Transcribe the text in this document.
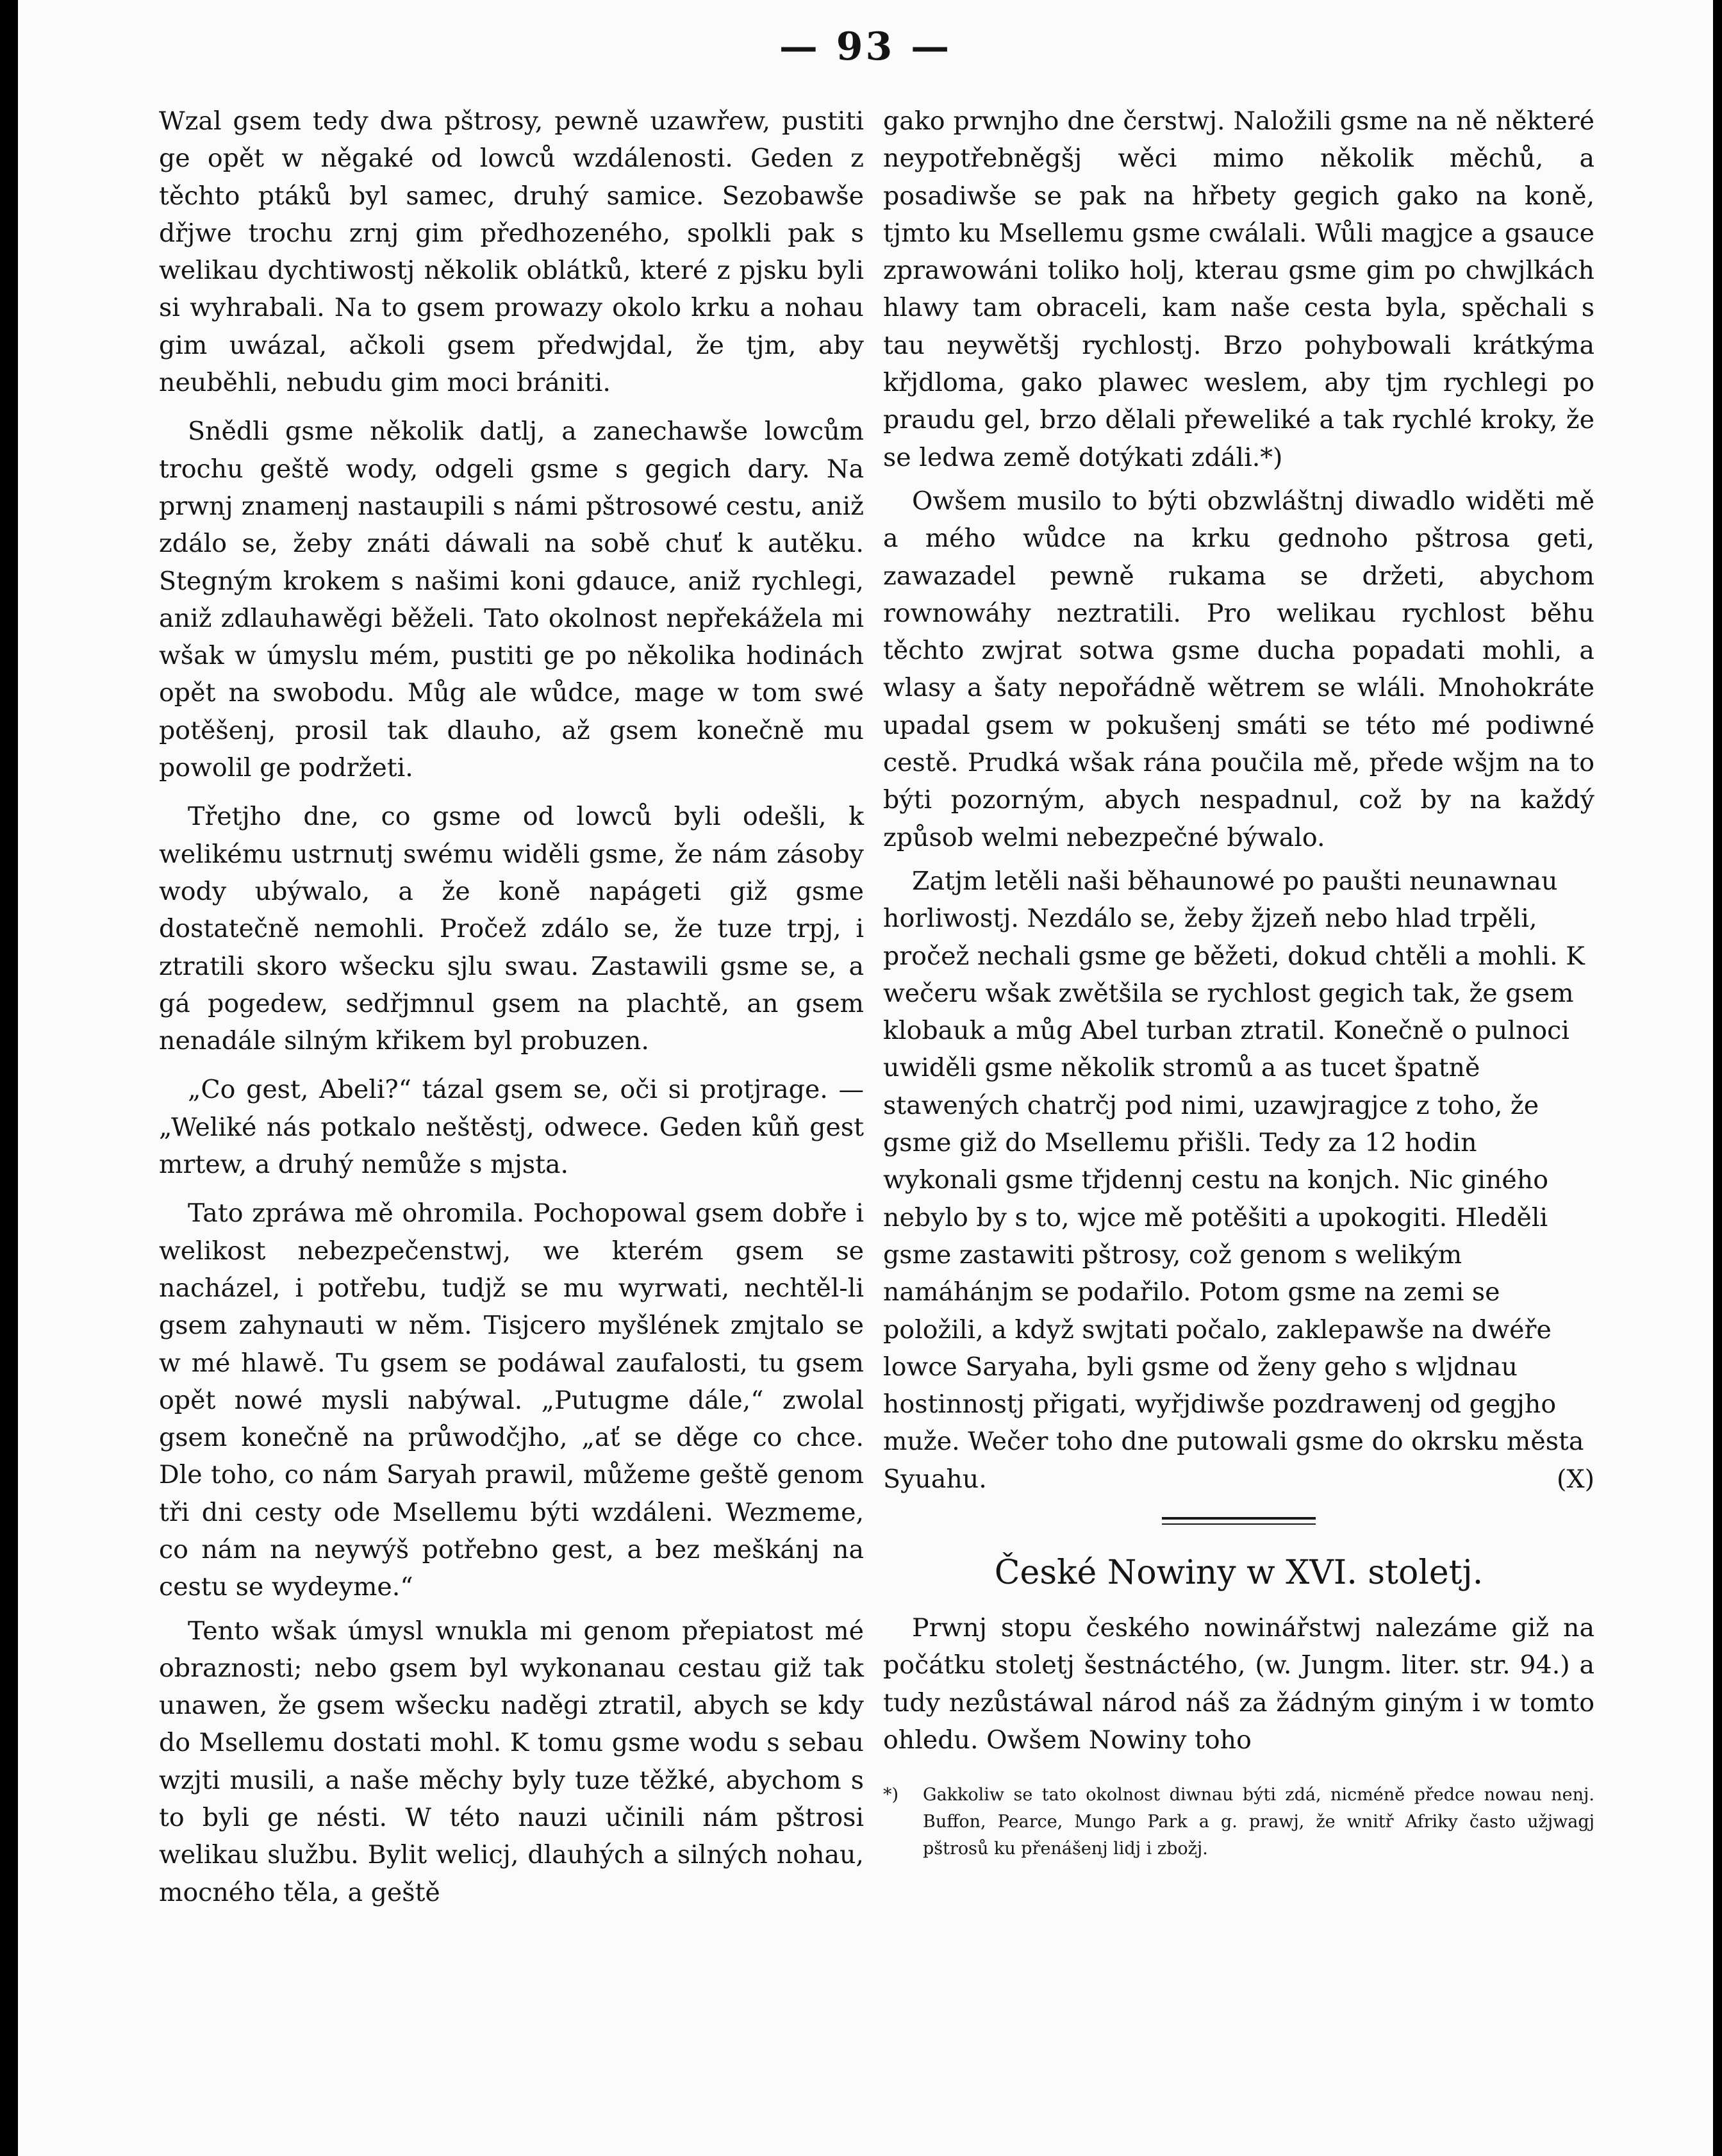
— 93 —

Wzal gsem tedy dwa pštrosy, pewně uzawřew, pustiti ge opět w něgaké od lowců wzdálenosti. Geden z těchto ptáků byl samec, druhý samice. Sezobawše dřjwe trochu zrnj gim předhozeného, spolkli pak s welikau dychtiwostj několik oblátků, které z pjsku byli si wyhrabali. Na to gsem prowazy okolo krku a nohau gim uwázal, ačkoli gsem předwjdal, že tjm, aby neuběhli, nebudu gim moci brániti.

Snědli gsme několik datlj, a zanechawše lowcům trochu geště wody, odgeli gsme s gegich dary. Na prwnj znamenj nastaupili s námi pštrosowé cestu, aniž zdálo se, žeby znáti dáwali na sobě chuť k autěku. Stegným krokem s našimi koni gdauce, aniž rychlegi, aniž zdlauhawěgi běželi. Tato okolnost nepřekážela mi wšak w úmyslu mém, pustiti ge po několika hodinách opět na swobodu. Můg ale wůdce, mage w tom swé potěšenj, prosil tak dlauho, až gsem konečně mu powolil ge podržeti.

Třetjho dne, co gsme od lowců byli odešli, k welikému ustrnutj swému widěli gsme, že nám zásoby wody ubýwalo, a že koně napágeti giž gsme dostatečně nemohli. Pročež zdálo se, že tuze trpj, i ztratili skoro wšecku sjlu swau. Zastawili gsme se, a gá pogedew, sedřjmnul gsem na plachtě, an gsem nenadále silným křikem byl probuzen.

„Co gest, Abeli?“ tázal gsem se, oči si protjrage. — „Weliké nás potkalo neštěstj, odwece. Geden kůň gest mrtew, a druhý nemůže s mjsta.

Tato zpráwa mě ohromila. Pochopowal gsem dobře i welikost nebezpečenstwj, we kterém gsem se nacházel, i potřebu, tudjž se mu wyrwati, nechtěl-li gsem zahynauti w něm. Tisjcero myšlének zmjtalo se w mé hlawě. Tu gsem se podáwal zaufalosti, tu gsem opět nowé mysli nabýwal. „Putugme dále,“ zwolal gsem konečně na průwodčjho, „ať se děge co chce. Dle toho, co nám Saryah prawil, můžeme geště genom tři dni cesty ode Msellemu býti wzdáleni. Wezmeme, co nám na neywýš potřebno gest, a bez meškánj na cestu se wydeyme.“

Tento wšak úmysl wnukla mi genom přepiatost mé obraznosti; nebo gsem byl wykonanau cestau giž tak unawen, že gsem wšecku naděgi ztratil, abych se kdy do Msellemu dostati mohl. K tomu gsme wodu s sebau wzjti musili, a naše měchy byly tuze těžké, abychom s to byli ge nésti. W této nauzi učinili nám pštrosi welikau službu. Bylit welicj, dlauhých a silných nohau, mocného těla, a geště

gako prwnjho dne čerstwj. Naložili gsme na ně některé neypotřebněgšj wěci mimo několik měchů, a posadiwše se pak na hřbety gegich gako na koně, tjmto ku Msellemu gsme cwálali. Wůli magjce a gsauce zprawowáni toliko holj, kterau gsme gim po chwjlkách hlawy tam obraceli, kam naše cesta byla, spěchali s tau neywětšj rychlostj. Brzo pohybowali krátkýma křjdloma, gako plawec weslem, aby tjm rychlegi po praudu gel, brzo dělali přeweliké a tak rychlé kroky, že se ledwa země dotýkati zdáli.*)

Owšem musilo to býti obzwláštnj diwadlo widěti mě a mého wůdce na krku gednoho pštrosa geti, zawazadel pewně rukama se držeti, abychom rownowáhy neztratili. Pro welikau rychlost běhu těchto zwjrat sotwa gsme ducha popadati mohli, a wlasy a šaty nepořádně wětrem se wláli. Mnohokráte upadal gsem w pokušenj smáti se této mé podiwné cestě. Prudká wšak rána poučila mě, přede wšjm na to býti pozorným, abych nespadnul, což by na každý způsob welmi nebezpečné býwalo.

Zatjm letěli naši běhaunowé po paušti neunawnau horliwostj. Nezdálo se, žeby žjzeň nebo hlad trpěli, pročež nechali gsme ge běžeti, dokud chtěli a mohli. K wečeru wšak zwětšila se rychlost gegich tak, že gsem klobauk a můg Abel turban ztratil. Konečně o pulnoci uwiděli gsme několik stromů a as tucet špatně stawených chatrčj pod nimi, uzawjragjce z toho, že gsme giž do Msellemu přišli. Tedy za 12 hodin wykonali gsme třjdennj cestu na konjch. Nic giného nebylo by s to, wjce mě potěšiti a upokogiti. Hleděli gsme zastawiti pštrosy, což genom s welikým namáhánjm se podařilo. Potom gsme na zemi se položili, a když swjtati počalo, zaklepawše na dwéře lowce Saryaha, byli gsme od ženy geho s wljdnau hostinnostj přigati, wyřjdiwše pozdrawenj od gegjho muže. Wečer toho dne putowali gsme do okrsku města Syuahu.	(X)

České Nowiny w XVI. stoletj.

Prwnj stopu českého nowinářstwj nalezáme giž na počátku stoletj šestnáctého, (w. Jungm. liter. str. 94.) a tudy nezůstáwal národ náš za žádným giným i w tomto ohledu. Owšem Nowiny toho

*) Gakkoliw se tato okolnost diwnau býti zdá, nicméně předce nowau nenj. Buffon, Pearce, Mungo Park a g. prawj, že wnitř Afriky často užjwagj pštrosů ku přenášenj lidj i zbožj.
